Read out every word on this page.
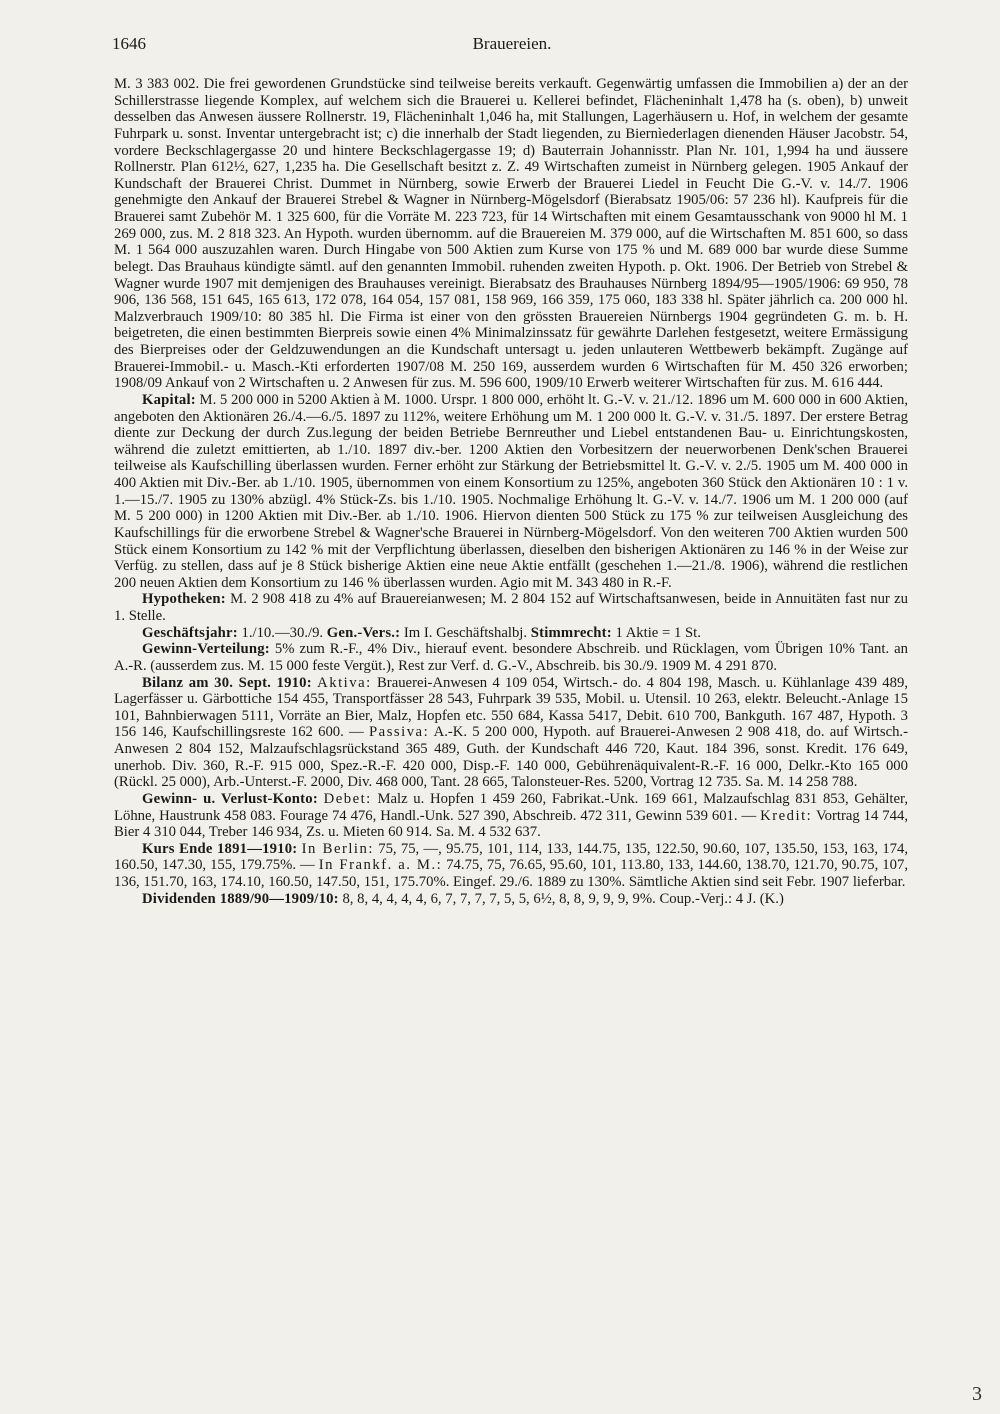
1646	Brauereien.

M. 3 383 002. Die frei gewordenen Grundstücke sind teilweise bereits verkauft. Gegenwärtig umfassen die Immobilien a) der an der Schillerstrasse liegende Komplex, auf welchem sich die Brauerei u. Kellerei befindet, Flächeninhalt 1,478 ha (s. oben), b) unweit desselben das Anwesen äussere Rollnerstr. 19, Flächeninhalt 1,046 ha, mit Stallungen, Lagerhäusern u. Hof, in welchem der gesamte Fuhrpark u. sonst. Inventar untergebracht ist; c) die innerhalb der Stadt liegenden, zu Biernìederlagen dienenden Häuser Jacobstr. 54, vordere Beckschlagergasse 20 und hintere Beckschlagergasse 19; d) Bauterrain Johannisstr. Plan Nr. 101, 1,994 ha und äussere Rollnerstr. Plan 612½, 627, 1,235 ha. Die Gesellschaft besitzt z. Z. 49 Wirtschaften zumeist in Nürnberg gelegen. 1905 Ankauf der Kundschaft der Brauerei Christ. Dummet in Nürnberg, sowie Erwerb der Brauerei Liedel in Feucht Die G.-V. v. 14./7. 1906 genehmigte den Ankauf der Brauerei Strebel & Wagner in Nürnberg-Mögelsdorf (Bierabsatz 1905/06: 57 236 hl). Kaufpreis für die Brauerei samt Zubehör M. 1 325 600, für die Vorräte M. 223 723, für 14 Wirtschaften mit einem Gesamtausschank von 9000 hl M. 1 269 000, zus. M. 2 818 323. An Hypoth. wurden übernomm. auf die Brauereien M. 379 000, auf die Wirtschaften M. 851 600, so dass M. 1 564 000 auszuzahlen waren. Durch Hingabe von 500 Aktien zum Kurse von 175 % und M. 689 000 bar wurde diese Summe belegt. Das Brauhaus kündigte sämtl. auf den genannten Immobil. ruhenden zweiten Hypoth. p. Okt. 1906. Der Betrieb von Strebel & Wagner wurde 1907 mit demjenigen des Brauhauses vereinigt. Bierabsatz des Brauhauses Nürnberg 1894/95—1905/1906: 69 950, 78 906, 136 568, 151 645, 165 613, 172 078, 164 054, 157 081, 158 969, 166 359, 175 060, 183 338 hl. Später jährlich ca. 200 000 hl. Malzverbrauch 1909/10: 80 385 hl. Die Firma ist einer von den grössten Brauereien Nürnbergs 1904 gegründeten G. m. b. H. beigetreten, die einen bestimmten Bierpreis sowie einen 4% Minimalzinssatz für gewährte Darlehen festgesetzt, weitere Ermässigung des Bierpreises oder der Geldzuwendungen an die Kundschaft untersagt u. jeden unlauteren Wettbewerb bekämpft. Zugänge auf Brauerei-Immobil.- u. Masch.-Kti erforderten 1907/08 M. 250 169, ausserdem wurden 6 Wirtschaften für M. 450 326 erworben; 1908/09 Ankauf von 2 Wirtschaften u. 2 Anwesen für zus. M. 596 600, 1909/10 Erwerb weiterer Wirtschaften für zus. M. 616 444.

Kapital: M. 5 200 000 in 5200 Aktien à M. 1000. Urspr. 1 800 000, erhöht lt. G.-V. v. 21./12. 1896 um M. 600 000 in 600 Aktien, angeboten den Aktionären 26./4.—6./5. 1897 zu 112%, weitere Erhöhung um M. 1 200 000 lt. G.-V. v. 31./5. 1897. Der erstere Betrag diente zur Deckung der durch Zus.legung der beiden Betriebe Bernreuther und Liebel entstandenen Bau- u. Einrichtungskosten, während die zuletzt emittierten, ab 1./10. 1897 div.-ber. 1200 Aktien den Vorbesitzern der neuerworbenen Denk'schen Brauerei teilweise als Kaufschilling überlassen wurden. Ferner erhöht zur Stärkung der Betriebsmittel lt. G.-V. v. 2./5. 1905 um M. 400 000 in 400 Aktien mit Div.-Ber. ab 1./10. 1905, übernommen von einem Konsortium zu 125%, angeboten 360 Stück den Aktionären 10 : 1 v. 1.—15./7. 1905 zu 130% abzügl. 4% Stück-Zs. bis 1./10. 1905. Nochmalige Erhöhung lt. G.-V. v. 14./7. 1906 um M. 1 200 000 (auf M. 5 200 000) in 1200 Aktien mit Div.-Ber. ab 1./10. 1906. Hiervon dienten 500 Stück zu 175 % zur teilweisen Ausgleichung des Kaufschillings für die erworbene Strebel & Wagner'sche Brauerei in Nürnberg-Mögelsdorf. Von den weiteren 700 Aktien wurden 500 Stück einem Konsortium zu 142 % mit der Verpflichtung überlassen, dieselben den bisherigen Aktionären zu 146 % in der Weise zur Verfüg. zu stellen, dass auf je 8 Stück bisherige Aktien eine neue Aktie entfällt (geschehen 1.—21./8. 1906), während die restlichen 200 neuen Aktien dem Konsortium zu 146 % überlassen wurden. Agio mit M. 343 480 in R.-F.

Hypotheken: M. 2 908 418 zu 4% auf Brauereianwesen; M. 2 804 152 auf Wirtschaftsanwesen, beide in Annuitäten fast nur zu 1. Stelle.

Geschäftsjahr: 1./10.—30./9. Gen.-Vers.: Im I. Geschäftshalbj. Stimmrecht: 1 Aktie = 1 St.

Gewinn-Verteilung: 5% zum R.-F., 4% Div., hierauf event. besondere Abschreib. und Rücklagen, vom Übrigen 10% Tant. an A.-R. (ausserdem zus. M. 15 000 feste Vergüt.), Rest zur Verf. d. G.-V., Abschreib. bis 30./9. 1909 M. 4 291 870.

Bilanz am 30. Sept. 1910: Aktiva: Brauerei-Anwesen 4 109 054, Wirtsch.- do. 4 804 198, Masch. u. Kühlanlage 439 489, Lagerfässer u. Gärbottiche 154 455, Transportfässer 28 543, Fuhrpark 39 535, Mobil. u. Utensil. 10 263, elektr. Beleucht.-Anlage 15 101, Bahnbierwagen 5111, Vorräte an Bier, Malz, Hopfen etc. 550 684, Kassa 5417, Debit. 610 700, Bankguth. 167 487, Hypoth. 3 156 146, Kaufschillingsreste 162 600. — Passiva: A.-K. 5 200 000, Hypoth. auf Brauerei-Anwesen 2 908 418, do. auf Wirtsch.-Anwesen 2 804 152, Malzaufschlagsrückstand 365 489, Guth. der Kundschaft 446 720, Kaut. 184 396, sonst. Kredit. 176 649, unerhob. Div. 360, R.-F. 915 000, Spez.-R.-F. 420 000, Disp.-F. 140 000, Gebührenäquivalent-R.-F. 16 000, Delkr.-Kto 165 000 (Rückl. 25 000), Arb.-Unterst.-F. 2000, Div. 468 000, Tant. 28 665, Talonsteuer-Res. 5200, Vortrag 12 735. Sa. M. 14 258 788.

Gewinn- u. Verlust-Konto: Debet: Malz u. Hopfen 1 459 260, Fabrikat.-Unk. 169 661, Malzaufschlag 831 853, Gehälter, Löhne, Haustrunk 458 083. Fourage 74 476, Handl.-Unk. 527 390, Abschreib. 472 311, Gewinn 539 601. — Kredit: Vortrag 14 744, Bier 4 310 044, Treber 146 934, Zs. u. Mieten 60 914. Sa. M. 4 532 637.

Kurs Ende 1891—1910: In Berlin: 75, 75, —, 95.75, 101, 114, 133, 144.75, 135, 122.50, 90.60, 107, 135.50, 153, 163, 174, 160.50, 147.30, 155, 179.75%. — In Frankf. a. M.: 74.75, 75, 76.65, 95.60, 101, 113.80, 133, 144.60, 138.70, 121.70, 90.75, 107, 136, 151.70, 163, 174.10, 160.50, 147.50, 151, 175.70%. Eingef. 29./6. 1889 zu 130%. Sämtliche Aktien sind seit Febr. 1907 lieferbar.

Dividenden 1889/90—1909/10: 8, 8, 4, 4, 4, 4, 6, 7, 7, 7, 7, 5, 5, 6½, 8, 8, 9, 9, 9, 9%. Coup.-Verj.: 4 J. (K.)

3
